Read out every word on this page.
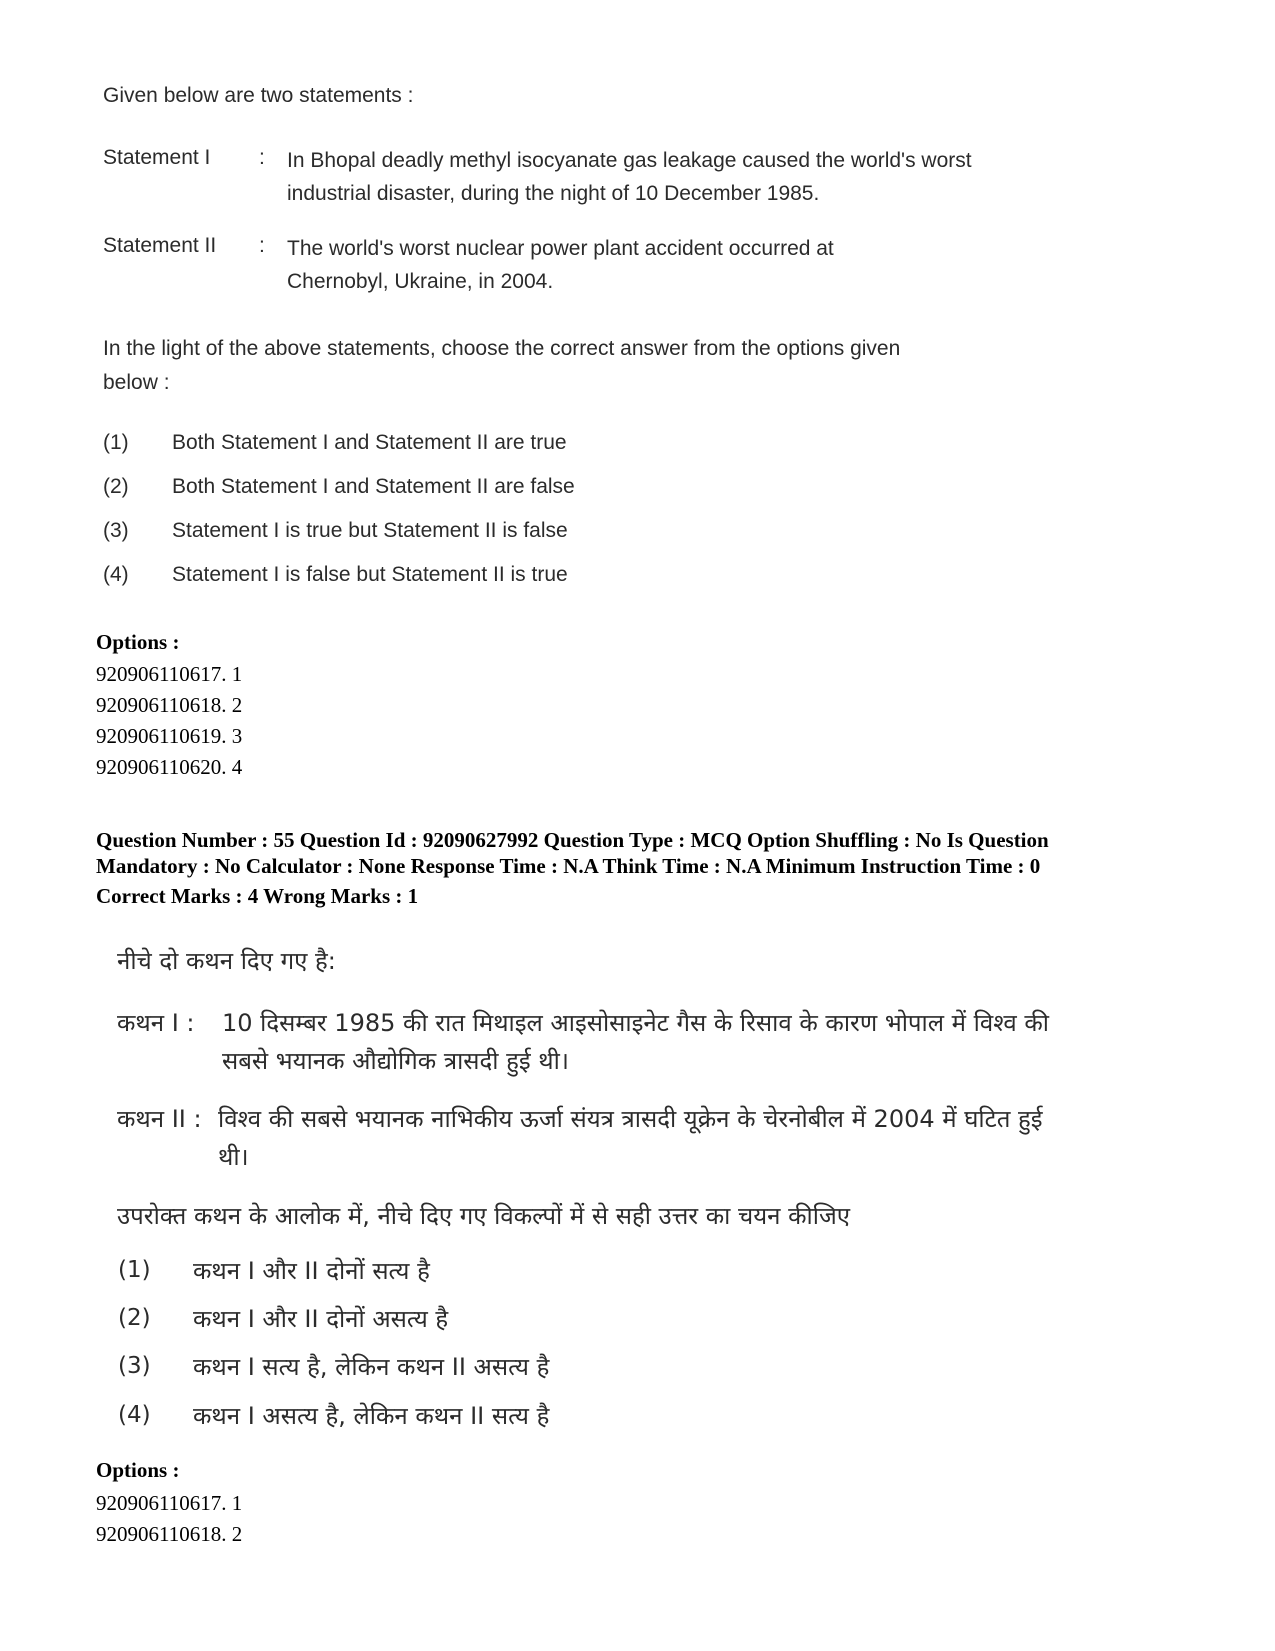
Given below are two statements :
Statement I : In Bhopal deadly methyl isocyanate gas leakage caused the world's worst industrial disaster, during the night of 10 December 1985.
Statement II : The world's worst nuclear power plant accident occurred at Chernobyl, Ukraine, in 2004.
In the light of the above statements, choose the correct answer from the options given below :
(1) Both Statement I and Statement II are true
(2) Both Statement I and Statement II are false
(3) Statement I is true but Statement II is false
(4) Statement I is false but Statement II is true
Options :
920906110617. 1
920906110618. 2
920906110619. 3
920906110620. 4
Question Number : 55 Question Id : 92090627992 Question Type : MCQ Option Shuffling : No Is Question
Mandatory : No Calculator : None Response Time : N.A Think Time : N.A Minimum Instruction Time : 0
Correct Marks : 4 Wrong Marks : 1
नीचे दो कथन दिए गए है:
कथन I : 10 दिसम्बर 1985 की रात मिथाइल आइसोसाइनेट गैस के रिसाव के कारण भोपाल में विश्व की सबसे भयानक औद्योगिक त्रासदी हुई थी।
कथन II : विश्व की सबसे भयानक नाभिकीय ऊर्जा संयत्र त्रासदी यूक्रेन के चेरनोबील में 2004 में घटित हुई थी।
उपरोक्त कथन के आलोक में, नीचे दिए गए विकल्पों में से सही उत्तर का चयन कीजिए
(1) कथन I और II दोनों सत्य है
(2) कथन I और II दोनों असत्य है
(3) कथन I सत्य है, लेकिन कथन II असत्य है
(4) कथन I असत्य है, लेकिन कथन II सत्य है
Options :
920906110617. 1
920906110618. 2
